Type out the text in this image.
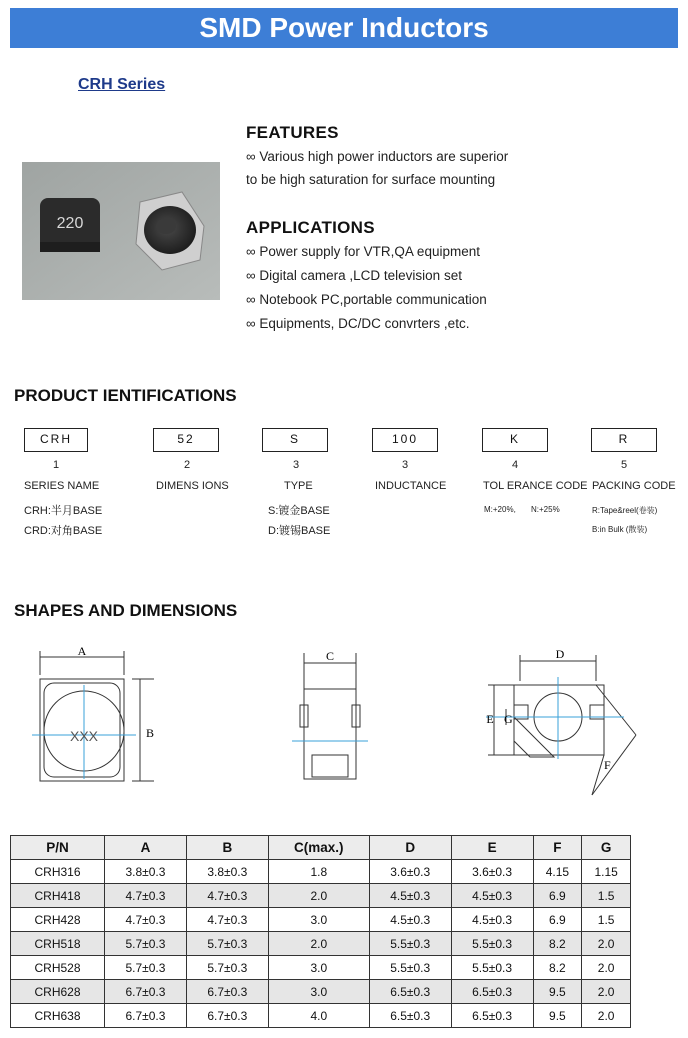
SMD Power Inductors
CRH Series
220
FEATURES
∞ Various high power inductors are superior
to be high saturation for surface mounting
APPLICATIONS
∞ Power supply for VTR,QA equipment
∞ Digital camera ,LCD television set
∞ Notebook PC,portable communication
∞ Equipments, DC/DC convrters ,etc.
PRODUCT IENTIFICATIONS
CRH	52	S	100	K	R
1	2	3	3	4	5
SERIES NAME	DIMENS IONS	TYPE	INDUCTANCE	TOL ERANCE CODE PACKING CODE
CRH:半月BASE
CRD:对角BASE
S:镀金BASE
D:镀锡BASE
M:+20%, N:+25%	R:Tape&reel(卷装)
B:in Bulk (散装)
SHAPES AND DIMENSIONS
A
B
XXX
C	D
E G
F
P/N	A	B	C(max.)	D	E	F	G
CRH316	3.8±0.3	3.8±0.3	1.8	3.6±0.3	3.6±0.3	4.15	1.15
CRH418	4.7±0.3	4.7±0.3	2.0	4.5±0.3	4.5±0.3	6.9	1.5
CRH428	4.7±0.3	4.7±0.3	3.0	4.5±0.3	4.5±0.3	6.9	1.5
CRH518	5.7±0.3	5.7±0.3	2.0	5.5±0.3	5.5±0.3	8.2	2.0
CRH528	5.7±0.3	5.7±0.3	3.0	5.5±0.3	5.5±0.3	8.2	2.0
CRH628	6.7±0.3	6.7±0.3	3.0	6.5±0.3	6.5±0.3	9.5	2.0
CRH638	6.7±0.3	6.7±0.3	4.0	6.5±0.3	6.5±0.3	9.5	2.0
